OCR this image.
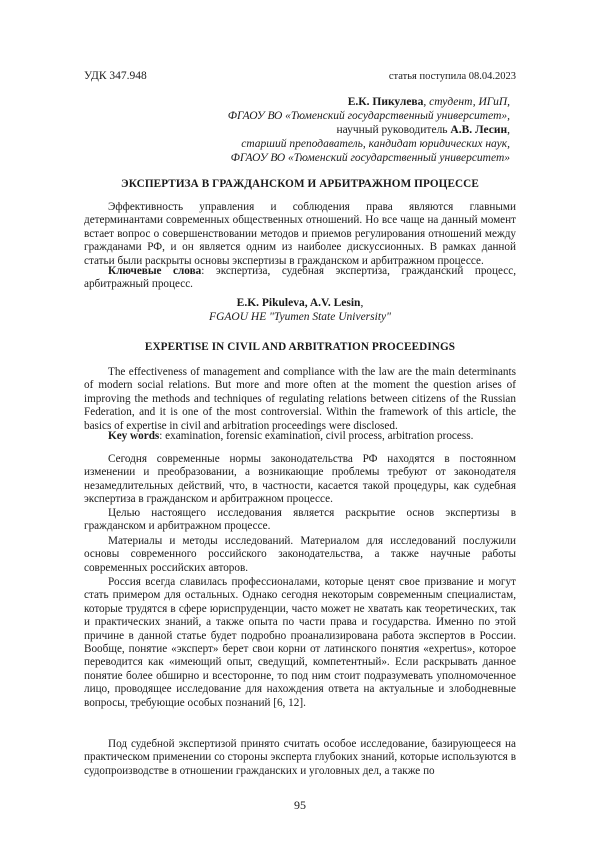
УДК 347.948	статья поступила 08.04.2023
Е.К. Пикулева, студент, ИГиП,
ФГАОУ ВО «Тюменский государственный университет»,
научный руководитель А.В. Лесин,
старший преподаватель, кандидат юридических наук,
ФГАОУ ВО «Тюменский государственный университет»
ЭКСПЕРТИЗА В ГРАЖДАНСКОМ И АРБИТРАЖНОМ ПРОЦЕССЕ
Эффективность управления и соблюдения права являются главными детерминантами современных общественных отношений. Но все чаще на данный момент встает вопрос о совершенствовании методов и приемов регулирования отношений между гражданами РФ, и он является одним из наиболее дискуссионных. В рамках данной статьи были раскрыты основы экспертизы в гражданском и арбитражном процессе.
Ключевые слова: экспертиза, судебная экспертиза, гражданский процесс, арбитражный процесс.
E.K. Pikuleva, A.V. Lesin,
FGAOU HE "Tyumen State University"
EXPERTISE IN CIVIL AND ARBITRATION PROCEEDINGS
The effectiveness of management and compliance with the law are the main determinants of modern social relations. But more and more often at the moment the question arises of improving the methods and techniques of regulating relations between citizens of the Russian Federation, and it is one of the most controversial. Within the framework of this article, the basics of expertise in civil and arbitration proceedings were disclosed.
Key words: examination, forensic examination, civil process, arbitration process.
Сегодня современные нормы законодательства РФ находятся в постоянном изменении и преобразовании, а возникающие проблемы требуют от законодателя незамедлительных действий, что, в частности, касается такой процедуры, как судебная экспертиза в гражданском и арбитражном процессе.
Целью настоящего исследования является раскрытие основ экспертизы в гражданском и арбитражном процессе.
Материалы и методы исследований. Материалом для исследований послужили основы современного российского законодательства, а также научные работы современных российских авторов.
Россия всегда славилась профессионалами, которые ценят свое призвание и могут стать примером для остальных. Однако сегодня некоторым современным специалистам, которые трудятся в сфере юриспруденции, часто может не хватать как теоретических, так и практических знаний, а также опыта по части права и государства. Именно по этой причине в данной статье будет подробно проанализирована работа экспертов в России. Вообще, понятие «эксперт» берет свои корни от латинского понятия «expertus», которое переводится как «имеющий опыт, сведущий, компетентный». Если раскрывать данное понятие более обширно и всесторонне, то под ним стоит подразумевать уполномоченное лицо, проводящее исследование для нахождения ответа на актуальные и злободневные вопросы, требующие особых познаний [6, 12].
Под судебной экспертизой принято считать особое исследование, базирующееся на практическом применении со стороны эксперта глубоких знаний, которые используются в судопроизводстве в отношении гражданских и уголовных дел, а также по
95
